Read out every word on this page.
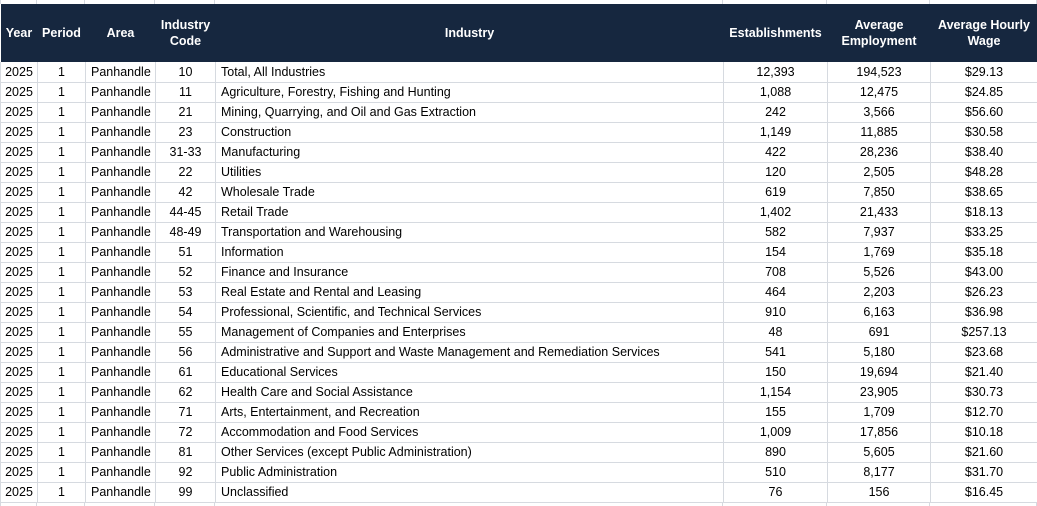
Year	Period	Area	Industry Code	Industry	Establishments	Average Employment	Average Hourly Wage
2025	1	Panhandle	10	Total, All Industries	12,393	194,523	$29.13
2025	1	Panhandle	11	Agriculture, Forestry, Fishing and Hunting	1,088	12,475	$24.85
2025	1	Panhandle	21	Mining, Quarrying, and Oil and Gas Extraction	242	3,566	$56.60
2025	1	Panhandle	23	Construction	1,149	11,885	$30.58
2025	1	Panhandle	31-33	Manufacturing	422	28,236	$38.40
2025	1	Panhandle	22	Utilities	120	2,505	$48.28
2025	1	Panhandle	42	Wholesale Trade	619	7,850	$38.65
2025	1	Panhandle	44-45	Retail Trade	1,402	21,433	$18.13
2025	1	Panhandle	48-49	Transportation and Warehousing	582	7,937	$33.25
2025	1	Panhandle	51	Information	154	1,769	$35.18
2025	1	Panhandle	52	Finance and Insurance	708	5,526	$43.00
2025	1	Panhandle	53	Real Estate and Rental and Leasing	464	2,203	$26.23
2025	1	Panhandle	54	Professional, Scientific, and Technical Services	910	6,163	$36.98
2025	1	Panhandle	55	Management of Companies and Enterprises	48	691	$257.13
2025	1	Panhandle	56	Administrative and Support and Waste Management and Remediation Services	541	5,180	$23.68
2025	1	Panhandle	61	Educational Services	150	19,694	$21.40
2025	1	Panhandle	62	Health Care and Social Assistance	1,154	23,905	$30.73
2025	1	Panhandle	71	Arts, Entertainment, and Recreation	155	1,709	$12.70
2025	1	Panhandle	72	Accommodation and Food Services	1,009	17,856	$10.18
2025	1	Panhandle	81	Other Services (except Public Administration)	890	5,605	$21.60
2025	1	Panhandle	92	Public Administration	510	8,177	$31.70
2025	1	Panhandle	99	Unclassified	76	156	$16.45
